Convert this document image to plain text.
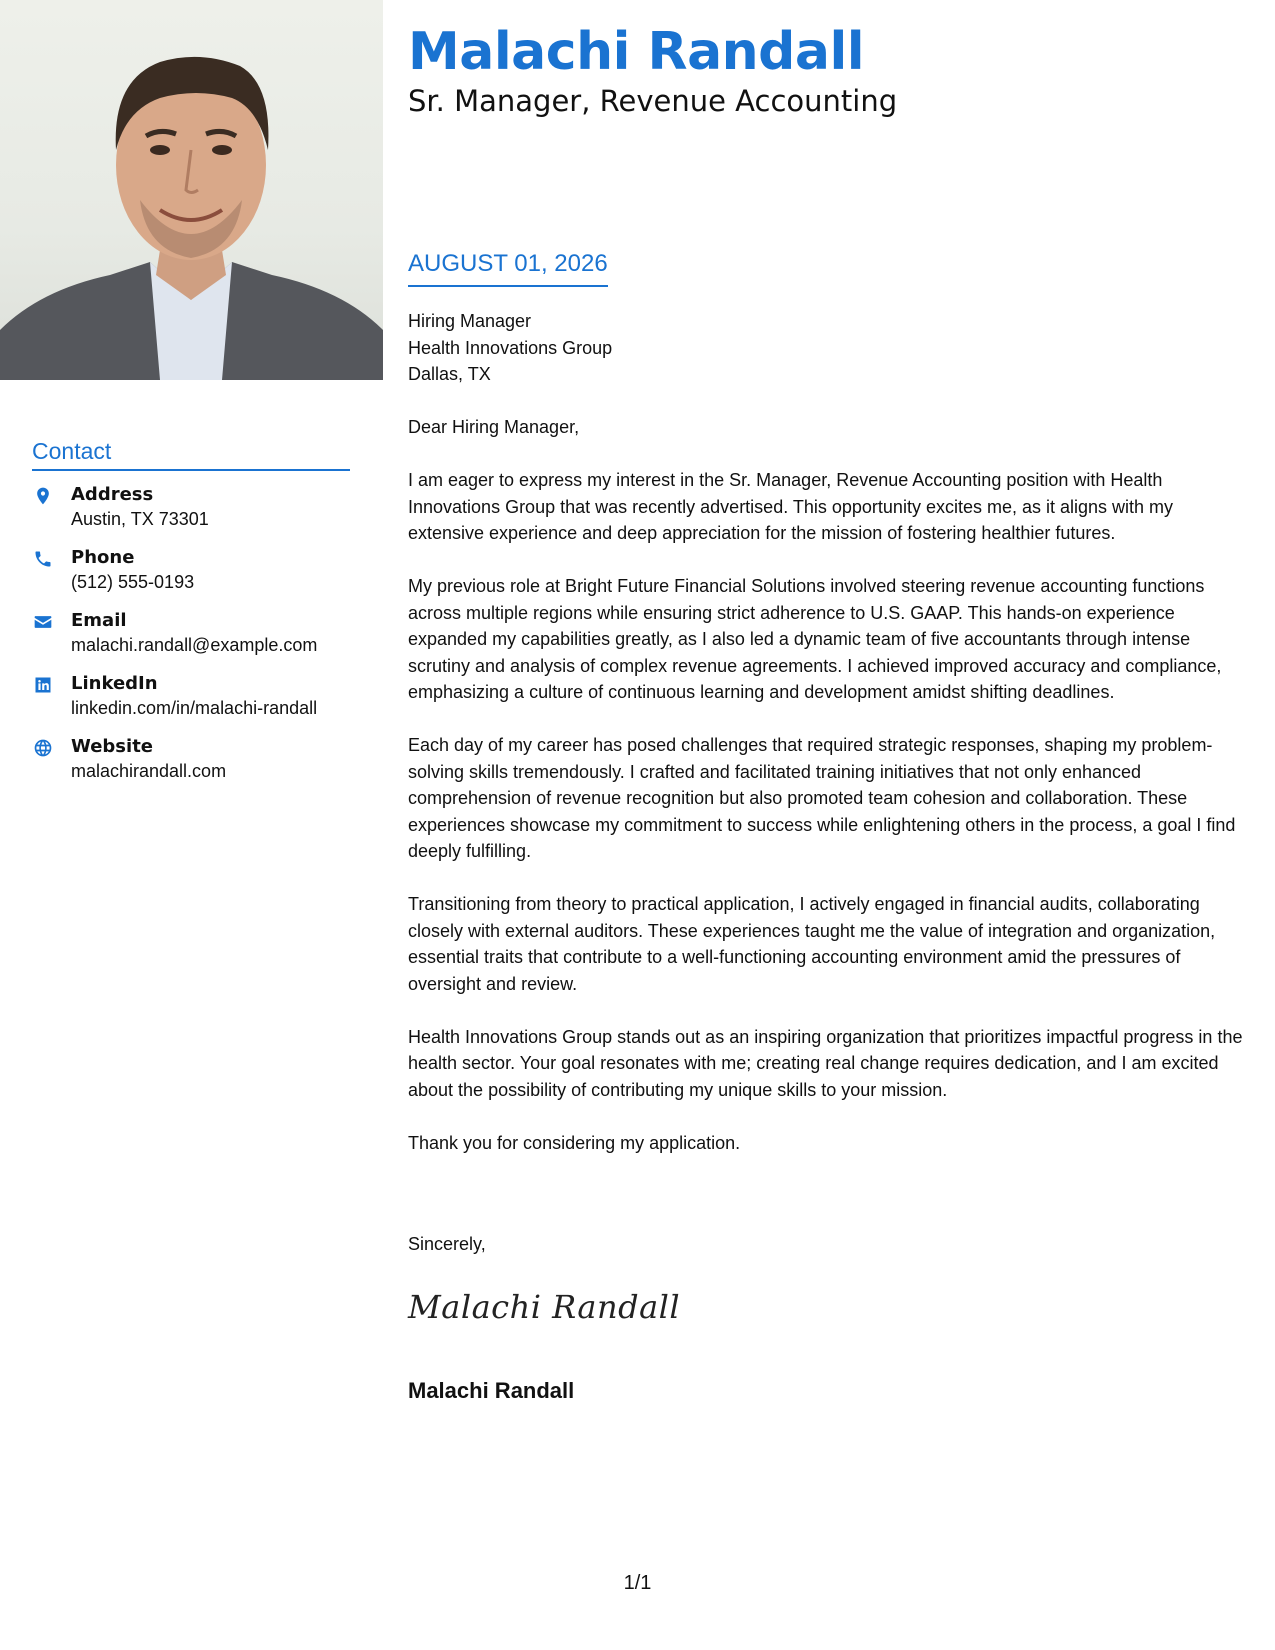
Malachi Randall
Sr. Manager, Revenue Accounting
AUGUST 01, 2026
Hiring Manager
Health Innovations Group
Dallas, TX

Dear Hiring Manager,

I am eager to express my interest in the Sr. Manager, Revenue Accounting position with Health Innovations Group that was recently advertised. This opportunity excites me, as it aligns with my extensive experience and deep appreciation for the mission of fostering healthier futures.

My previous role at Bright Future Financial Solutions involved steering revenue accounting functions across multiple regions while ensuring strict adherence to U.S. GAAP. This hands-on experience expanded my capabilities greatly, as I also led a dynamic team of five accountants through intense scrutiny and analysis of complex revenue agreements. I achieved improved accuracy and compliance, emphasizing a culture of continuous learning and development amidst shifting deadlines.

Each day of my career has posed challenges that required strategic responses, shaping my problem-solving skills tremendously. I crafted and facilitated training initiatives that not only enhanced comprehension of revenue recognition but also promoted team cohesion and collaboration. These experiences showcase my commitment to success while enlightening others in the process, a goal I find deeply fulfilling.

Transitioning from theory to practical application, I actively engaged in financial audits, collaborating closely with external auditors. These experiences taught me the value of integration and organization, essential traits that contribute to a well-functioning accounting environment amid the pressures of oversight and review.

Health Innovations Group stands out as an inspiring organization that prioritizes impactful progress in the health sector. Your goal resonates with me; creating real change requires dedication, and I am excited about the possibility of contributing my unique skills to your mission.

Thank you for considering my application.

Sincerely,
Malachi Randall
Malachi Randall
Contact
Address
Austin, TX 73301
Phone
(512) 555-0193
Email
malachi.randall@example.com
LinkedIn
linkedin.com/in/malachi-randall
Website
malachirandall.com
1/1
